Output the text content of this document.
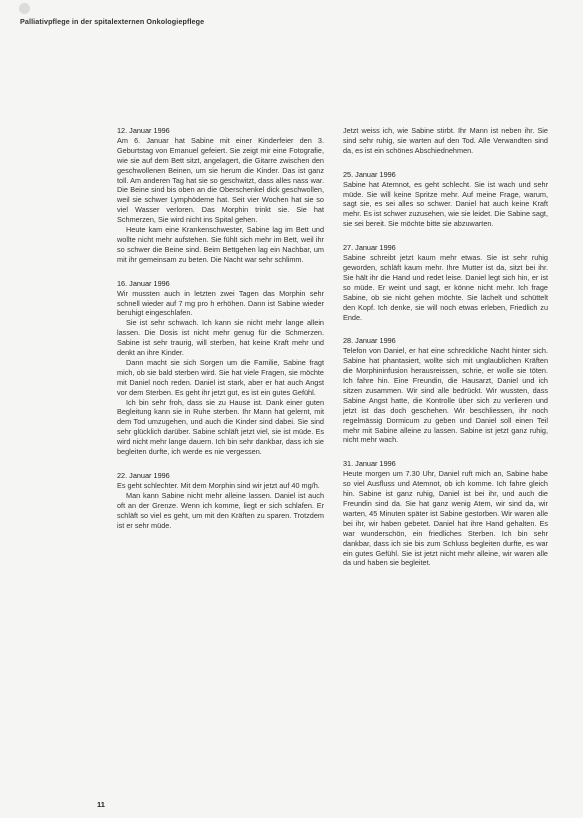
Palliativpflege in der spitalexternen Onkologiepflege
12. Januar 1996

Am 6. Januar hat Sabine mit einer Kinderfeier den 3. Geburtstag von Emanuel gefeiert. Sie zeigt mir eine Fotografie, wie sie auf dem Bett sitzt, angelagert, die Gitarre zwischen den geschwollenen Beinen, um sie herum die Kinder. Das ist ganz toll. Am anderen Tag hat sie so geschwitzt, dass alles nass war. Die Beine sind bis oben an die Oberschenkel dick geschwollen, weil sie schwer Lymphödeme hat. Seit vier Wochen hat sie so viel Wasser verloren. Das Morphin trinkt sie. Sie hat Schmerzen, Sie wird nicht ins Spital gehen.

Heute kam eine Krankenschwester, Sabine lag im Bett und wollte nicht mehr aufstehen. Sie fühlt sich mehr im Bett, weil ihr so schwer die Beine sind. Beim Bettgehen lag ein Nachbar, um mit ihr gemeinsam zu beten. Die Nacht war sehr schlimm.

16. Januar 1996

Wir mussten auch in letzten zwei Tagen das Morphin sehr schnell wieder auf 7 mg pro h erhöhen. Dann ist Sabine wieder beruhigt eingeschlafen.

Sie ist sehr schwach. Ich kann sie nicht mehr lange allein lassen. Die Dosis ist nicht mehr genug für die Schmerzen. Sabine ist sehr traurig, will sterben, hat keine Kraft mehr und denkt an ihre Kinder.

Dann macht sie sich Sorgen um die Familie, Sabine fragt mich, ob sie bald sterben wird. Sie hat viele Fragen, sie möchte mit Daniel noch reden. Daniel ist stark, aber er hat auch Angst vor dem Sterben. Es geht ihr jetzt gut, es ist ein gutes Gefühl.

Ich bin sehr froh, dass sie zu Hause ist. Dank einer guten Begleitung kann sie in Ruhe sterben. Ihr Mann hat gelernt, mit dem Tod umzugehen, und auch die Kinder sind dabei. Sie sind sehr glücklich darüber. Sabine schläft jetzt viel, sie ist müde. Es wird nicht mehr lange dauern. Ich bin sehr dankbar, dass ich sie begleiten durfte, ich werde es nie vergessen.

22. Januar 1996

Es geht schlechter. Mit dem Morphin sind wir jetzt auf 40 mg/h.

Man kann Sabine nicht mehr alleine lassen. Daniel ist auch oft an der Grenze. Wenn ich komme, liegt er sich schlafen. Er schläft so viel es geht, um mit den Kräften zu sparen. Trotzdem ist er sehr müde.

Jetzt weiss ich, wie Sabine stirbt. Ihr Mann ist neben ihr. Sie sind sehr ruhig, sie warten auf den Tod. Alle Verwandten sind da, es ist ein schönes Abschiednehmen.

25. Januar 1996

Sabine hat Atemnot, es geht schlecht. Sie ist wach und sehr müde. Sie will keine Spritze mehr. Auf meine Frage, warum, sagt sie, es sei alles so schwer. Daniel hat auch keine Kraft mehr. Es ist schwer zuzusehen, wie sie leidet. Die Sabine sagt, sie sei bereit. Sie möchte bitte sie abzuwarten.

27. Januar 1996

Sabine schreibt jetzt kaum mehr etwas. Sie ist sehr ruhig geworden, schläft kaum mehr. Ihre Mutter ist da, sitzt bei ihr. Sie hält ihr die Hand und redet leise. Daniel legt sich hin, er ist so müde. Er weint und sagt, er könne nicht mehr. Ich frage Sabine, ob sie nicht gehen möchte. Sie lächelt und schüttelt den Kopf. Ich denke, sie will noch etwas erleben, Friedlich zu Ende.

28. Januar 1996

Telefon von Daniel, er hat eine schreckliche Nacht hinter sich. Sabine hat phantasiert, wollte sich mit unglaublichen Kräften die Morphininfusion herausreissen, schrie, er wolle sie töten. Ich fahre hin. Eine Freundin, die Hausarzt, Daniel und ich sitzen zusammen. Wir sind alle bedrückt. Wir wussten, dass Sabine Angst hatte, die Kontrolle über sich zu verlieren und jetzt ist das doch geschehen. Wir beschliessen, ihr noch regelmässig Dormicum zu geben und Daniel soll einen Teil mehr mit Sabine alleine zu lassen. Sabine ist jetzt ganz ruhig, nicht mehr wach.

31. Januar 1996

Heute morgen um 7.30 Uhr, Daniel ruft mich an, Sabine habe so viel Ausfluss und Atemnot, ob ich komme. Ich fahre gleich hin. Sabine ist ganz ruhig, Daniel ist bei ihr, und auch die Freundin sind da. Sie hat ganz wenig Atem, wir sind da, wir warten, 45 Minuten später ist Sabine gestorben. Wir waren alle bei ihr, wir haben gebetet. Daniel hat ihre Hand gehalten. Es war wunderschön, ein friedliches Sterben. Ich bin sehr dankbar, dass ich sie bis zum Schluss begleiten durfte, es war ein gutes Gefühl. Sie ist jetzt nicht mehr alleine, wir waren alle da und haben sie begleitet.

11
